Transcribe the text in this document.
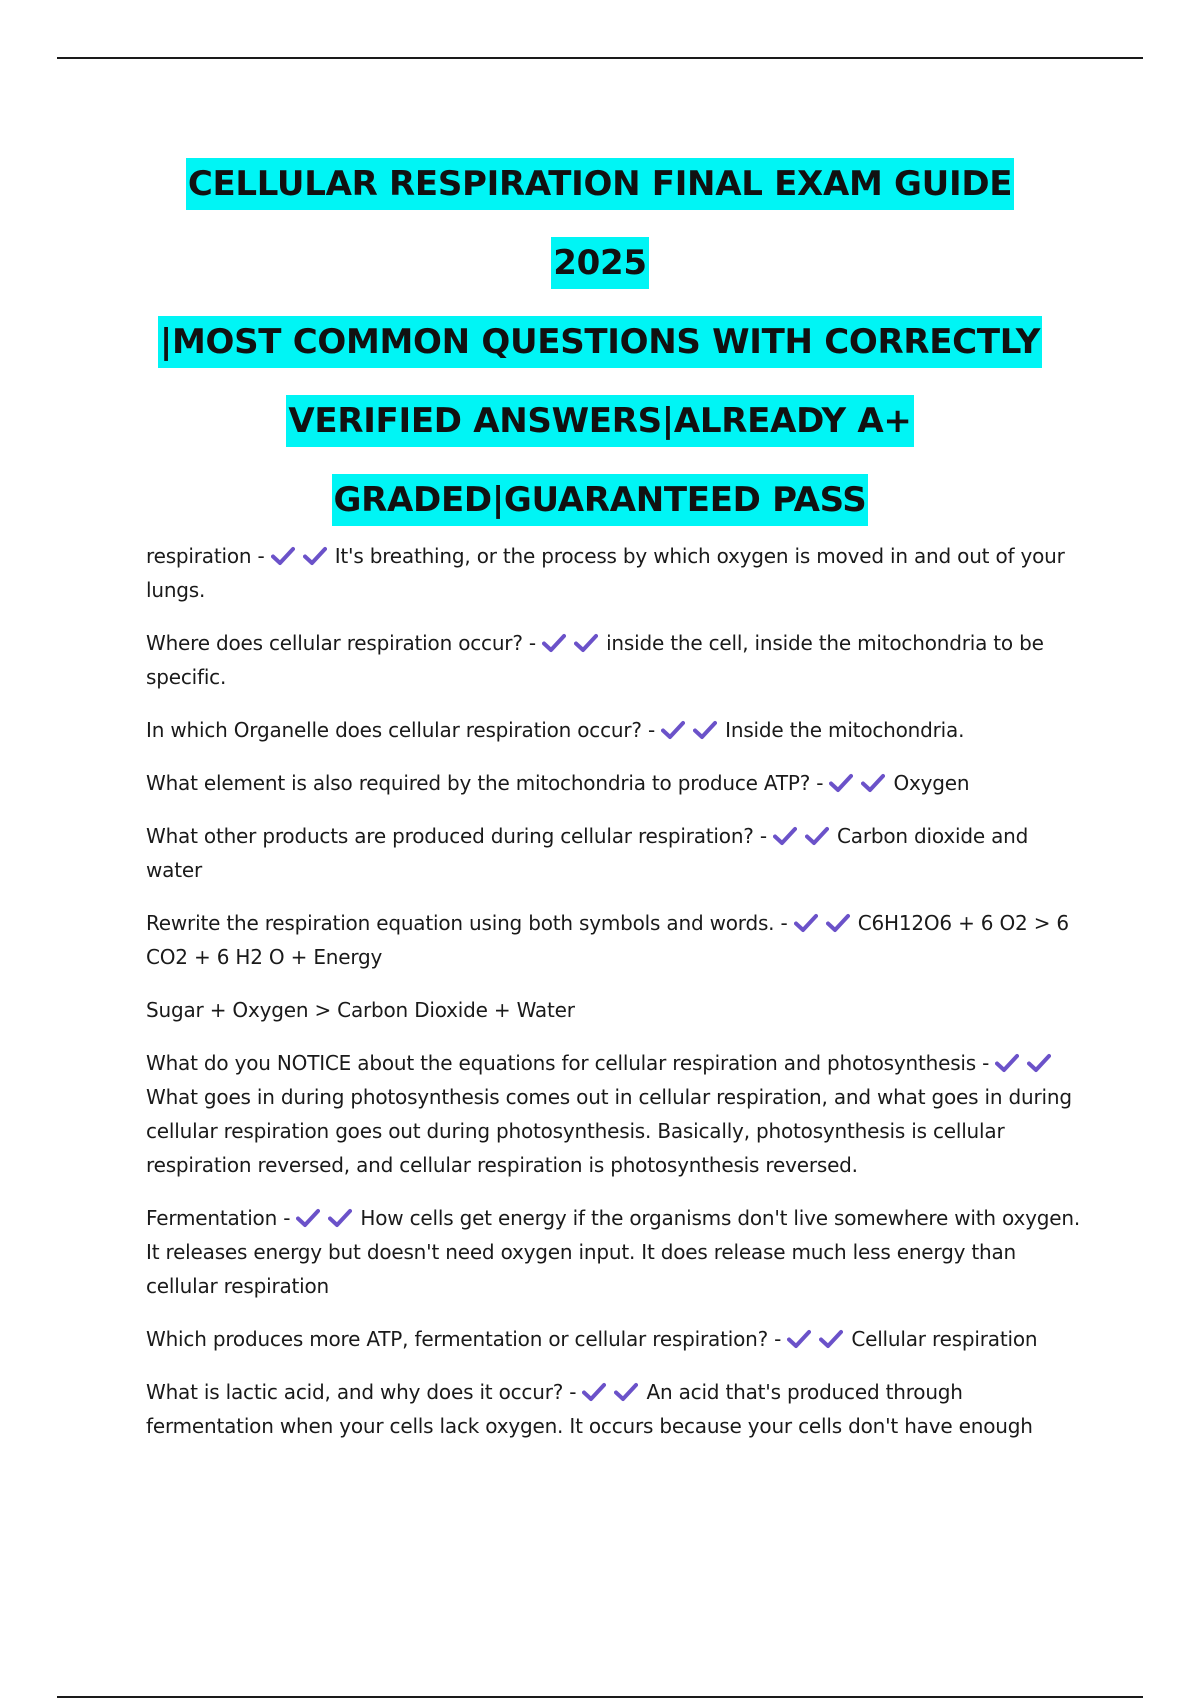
CELLULAR RESPIRATION FINAL EXAM GUIDE
2025
|MOST COMMON QUESTIONS WITH CORRECTLY
VERIFIED ANSWERS|ALREADY A+
GRADED|GUARANTEED PASS

respiration -	It's breathing, or the process by which oxygen is moved in and out of your lungs.

Where does cellular respiration occur? -	inside the cell, inside the mitochondria to be specific.

In which Organelle does cellular respiration occur? -	Inside the mitochondria.

What element is also required by the mitochondria to produce ATP? -	Oxygen

What other products are produced during cellular respiration? -	Carbon dioxide and water

Rewrite the respiration equation using both symbols and words. -	C6H12O6 + 6 O2 > 6 CO2 + 6 H2 O + Energy

Sugar + Oxygen > Carbon Dioxide + Water

What do you NOTICE about the equations for cellular respiration and photosynthesis -
What goes in during photosynthesis comes out in cellular respiration, and what goes in during cellular respiration goes out during photosynthesis. Basically, photosynthesis is cellular respiration reversed, and cellular respiration is photosynthesis reversed.

Fermentation -	How cells get energy if the organisms don't live somewhere with oxygen. It releases energy but doesn't need oxygen input. It does release much less energy than cellular respiration

Which produces more ATP, fermentation or cellular respiration? -	Cellular respiration

What is lactic acid, and why does it occur? -	An acid that's produced through fermentation when your cells lack oxygen. It occurs because your cells don't have enough
